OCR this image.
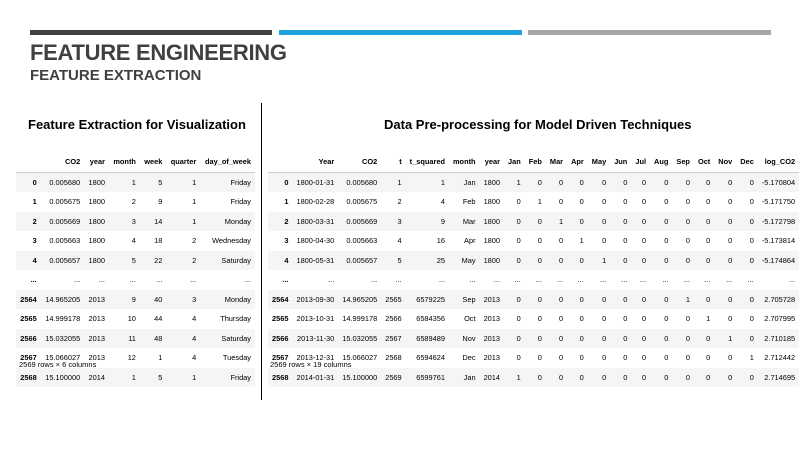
FEATURE ENGINEERING
FEATURE EXTRACTION
Feature Extraction for Visualization	Data Pre-processing for Model Driven Techniques
	CO2	year	month	week	quarter	day_of_week
0	0.005680	1800	1	5	1	Friday
1	0.005675	1800	2	9	1	Friday
2	0.005669	1800	3	14	1	Monday
3	0.005663	1800	4	18	2	Wednesday
4	0.005657	1800	5	22	2	Saturday
...	...	...	...	...	...	...
2564	14.965205	2013	9	40	3	Monday
2565	14.999178	2013	10	44	4	Thursday
2566	15.032055	2013	11	48	4	Saturday
2567	15.066027	2013	12	1	4	Tuesday
2568	15.100000	2014	1	5	1	Friday
2569 rows × 6 columns
	Year	CO2	t	t_squared	month	year	Jan	Feb	Mar	Apr	May	Jun	Jul	Aug	Sep	Oct	Nov	Dec	log_CO2
0	1800-01-31	0.005680	1	1	Jan	1800	1	0	0	0	0	0	0	0	0	0	0	0	-5.170804
1	1800-02-28	0.005675	2	4	Feb	1800	0	1	0	0	0	0	0	0	0	0	0	0	-5.171750
2	1800-03-31	0.005669	3	9	Mar	1800	0	0	1	0	0	0	0	0	0	0	0	0	-5.172798
3	1800-04-30	0.005663	4	16	Apr	1800	0	0	0	1	0	0	0	0	0	0	0	0	-5.173814
4	1800-05-31	0.005657	5	25	May	1800	0	0	0	0	1	0	0	0	0	0	0	0	-5.174864
...	...	...	...	...	...	...	...	...	...	...	...	...	...	...	...	...	...	...	...
2564	2013-09-30	14.965205	2565	6579225	Sep	2013	0	0	0	0	0	0	0	0	1	0	0	0	2.705728
2565	2013-10-31	14.999178	2566	6584356	Oct	2013	0	0	0	0	0	0	0	0	0	1	0	0	2.707995
2566	2013-11-30	15.032055	2567	6589489	Nov	2013	0	0	0	0	0	0	0	0	0	0	1	0	2.710185
2567	2013-12-31	15.066027	2568	6594624	Dec	2013	0	0	0	0	0	0	0	0	0	0	0	1	2.712442
2568	2014-01-31	15.100000	2569	6599761	Jan	2014	1	0	0	0	0	0	0	0	0	0	0	0	2.714695
2569 rows × 19 columns
